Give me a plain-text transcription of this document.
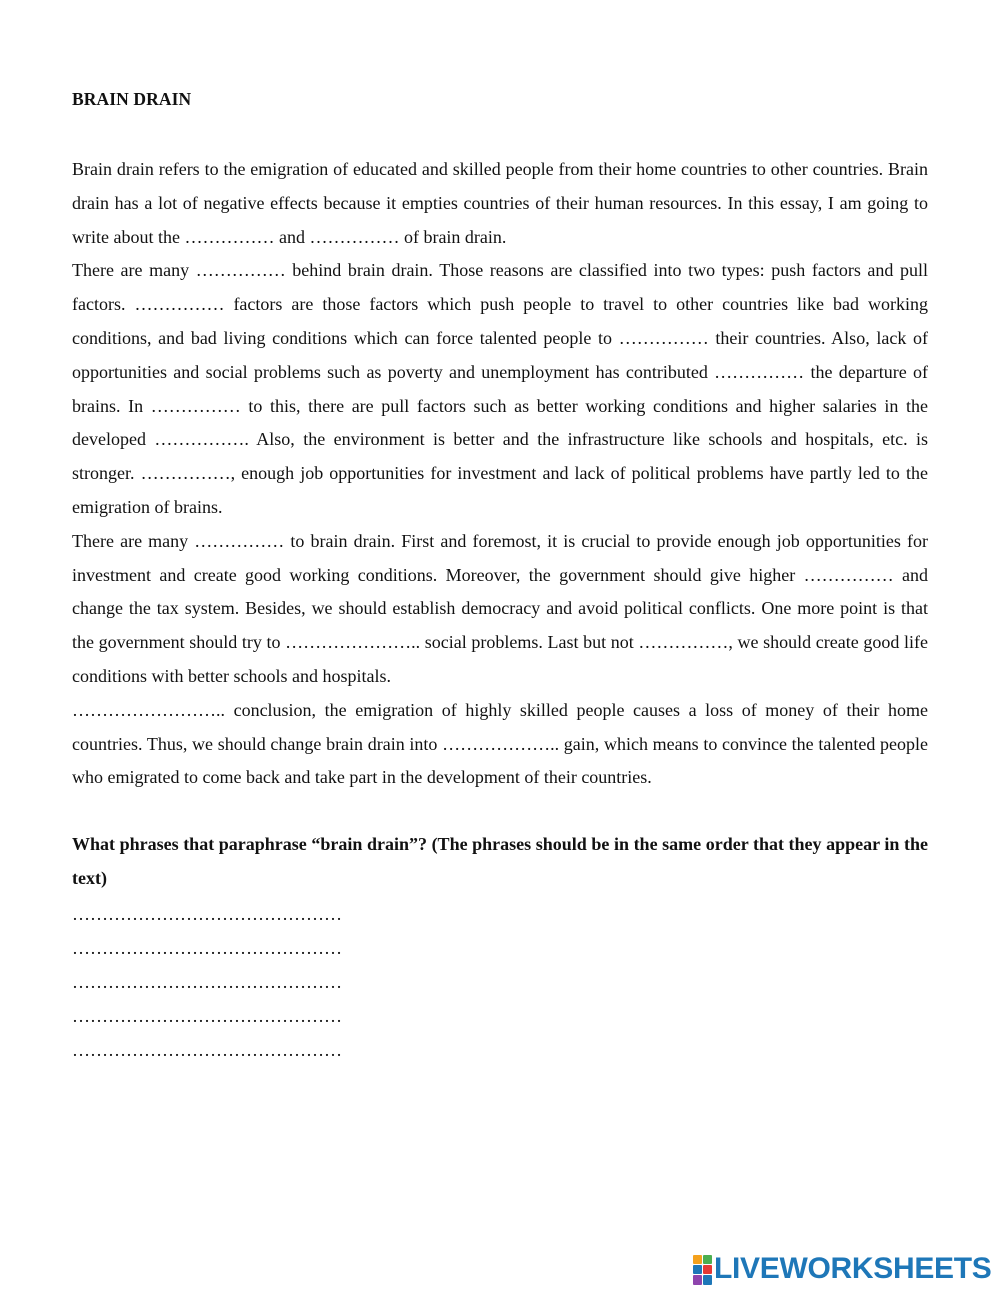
BRAIN DRAIN

Brain drain refers to the emigration of educated and skilled people from their home countries to other countries. Brain drain has a lot of negative effects because it empties countries of their human resources. In this essay, I am going to write about the …………… and …………… of brain drain.

There are many …………… behind brain drain. Those reasons are classified into two types: push factors and pull factors. …………… factors are those factors which push people to travel to other countries like bad working conditions, and bad living conditions which can force talented people to …………… their countries. Also, lack of opportunities and social problems such as poverty and unemployment has contributed …………… the departure of brains. In …………… to this, there are pull factors such as better working conditions and higher salaries in the developed ……………. Also, the environment is better and the infrastructure like schools and hospitals, etc. is stronger. ……………, enough job opportunities for investment and lack of political problems have partly led to the emigration of brains.

There are many …………… to brain drain. First and foremost, it is crucial to provide enough job opportunities for investment and create good working conditions. Moreover, the government should give higher …………… and change the tax system. Besides, we should establish democracy and avoid political conflicts. One more point is that the government should try to ………………….. social problems. Last but not ……………, we should create good life conditions with better schools and hospitals.

…………………….. conclusion, the emigration of highly skilled people causes a loss of money of their home countries. Thus, we should change brain drain into ……………….. gain, which means to convince the talented people who emigrated to come back and take part in the development of their countries.

What phrases that paraphrase “brain drain”? (The phrases should be in the same order that they appear in the text)

………………………………………
………………………………………
………………………………………
………………………………………
………………………………………
LIVEWORKSHEETS
